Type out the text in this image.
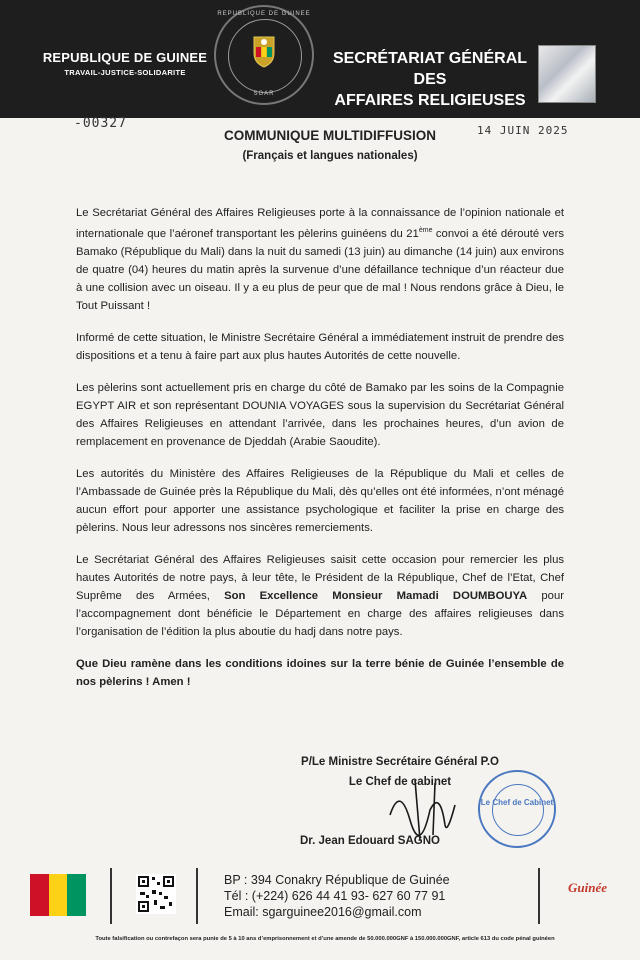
REPUBLIQUE DE GUINEE
TRAVAIL-JUSTICE-SOLIDARITE
REPUBLIQUE DE GUINEE
SGAR
SECRÉTARIAT GÉNÉRAL DES
AFFAIRES RELIGIEUSES
-00327	14 JUIN 2025
COMMUNIQUE MULTIDIFFUSION
(Français et langues nationales)

Le Secrétariat Général des Affaires Religieuses porte à la connaissance de l’opinion nationale et internationale que l’aéronef transportant les pèlerins guinéens du 21ème convoi a été dérouté vers Bamako (République du Mali) dans la nuit du samedi (13 juin) au dimanche (14 juin) aux environs de quatre (04) heures du matin après la survenue d’une défaillance technique d’un réacteur due à une collision avec un oiseau. Il y a eu plus de peur que de mal ! Nous rendons grâce à Dieu, le Tout Puissant !

Informé de cette situation, le Ministre Secrétaire Général a immédiatement instruit de prendre des dispositions et a tenu à faire part aux plus hautes Autorités de cette nouvelle.

Les pèlerins sont actuellement pris en charge du côté de Bamako par les soins de la Compagnie EGYPT AIR et son représentant DOUNIA VOYAGES sous la supervision du Secrétariat Général des Affaires Religieuses en attendant l’arrivée, dans les prochaines heures, d’un avion de remplacement en provenance de Djeddah (Arabie Saoudite).

Les autorités du Ministère des Affaires Religieuses de la République du Mali et celles de l’Ambassade de Guinée près la République du Mali, dès qu’elles ont été informées, n’ont ménagé aucun effort pour apporter une assistance psychologique et faciliter la prise en charge des pèlerins. Nous leur adressons nos sincères remerciements.

Le Secrétariat Général des Affaires Religieuses saisit cette occasion pour remercier les plus hautes Autorités de notre pays, à leur tête, le Président de la République, Chef de l’Etat, Chef Suprême des Armées, Son Excellence Monsieur Mamadi DOUMBOUYA pour l’accompagnement dont bénéficie le Département en charge des affaires religieuses dans l’organisation de l’édition la plus aboutie du hadj dans notre pays.

Que Dieu ramène dans les conditions idoines sur la terre bénie de Guinée l’ensemble de nos pèlerins ! Amen !

P/Le Ministre Secrétaire Général P.O
Le Chef de cabinet
Le Chef de Cabinet
Dr. Jean Edouard SAGNO
BP : 394 Conakry République de Guinée
Tél : (+224) 626 44 41 93- 627 60 77 91
Email: sgarguinee2016@gmail.com
Guinée
Toute falsification ou contrefaçon sera punie de 5 à 10 ans d’emprisonnement et d’une amende de 50.000.000GNF à 150.000.000GNF, article 613 du code pénal guinéen
